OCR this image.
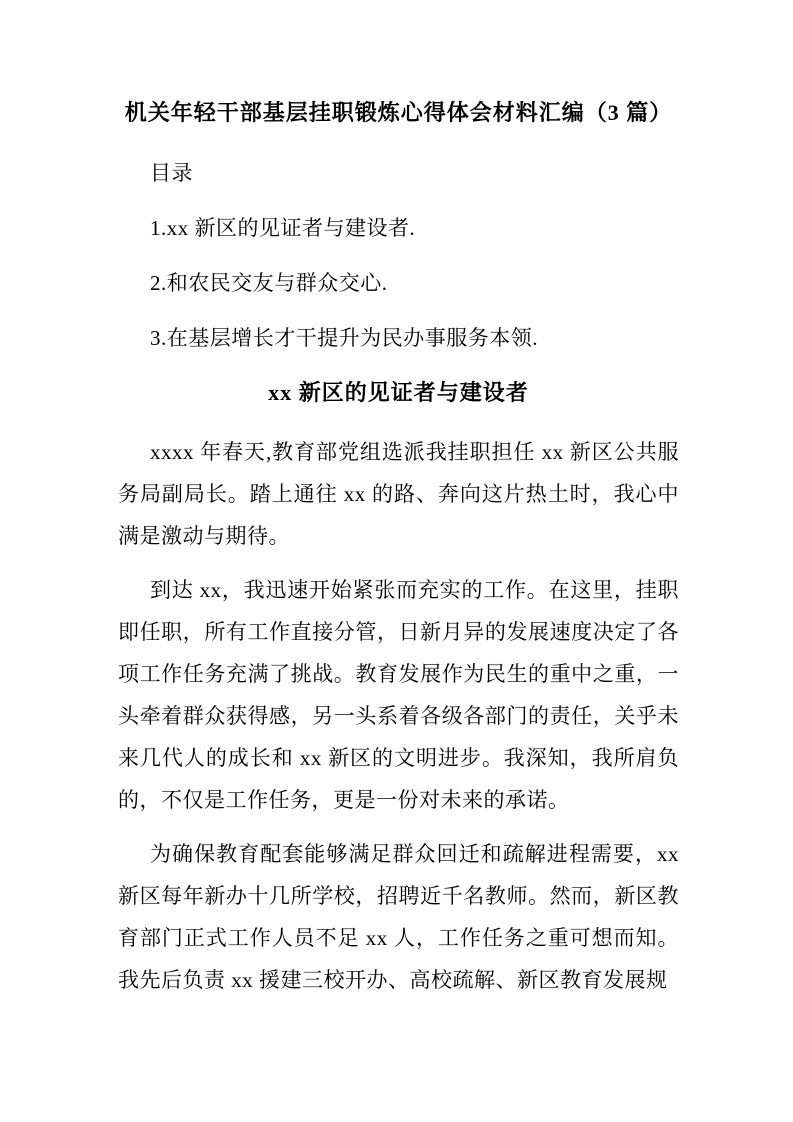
机关年轻干部基层挂职锻炼心得体会材料汇编（3 篇）

目录

1.xx 新区的见证者与建设者.

2.和农民交友与群众交心.

3.在基层增长才干提升为民办事服务本领.

xx 新区的见证者与建设者

xxxx 年春天,教育部党组选派我挂职担任 xx 新区公共服务局副局长。踏上通往 xx 的路、奔向这片热土时，我心中满是激动与期待。

到达 xx，我迅速开始紧张而充实的工作。在这里，挂职即任职，所有工作直接分管，日新月异的发展速度决定了各项工作任务充满了挑战。教育发展作为民生的重中之重，一头牵着群众获得感，另一头系着各级各部门的责任，关乎未来几代人的成长和 xx 新区的文明进步。我深知，我所肩负的，不仅是工作任务，更是一份对未来的承诺。

为确保教育配套能够满足群众回迁和疏解进程需要，xx 新区每年新办十几所学校，招聘近千名教师。然而，新区教育部门正式工作人员不足 xx 人，工作任务之重可想而知。我先后负责 xx 援建三校开办、高校疏解、新区教育发展规
